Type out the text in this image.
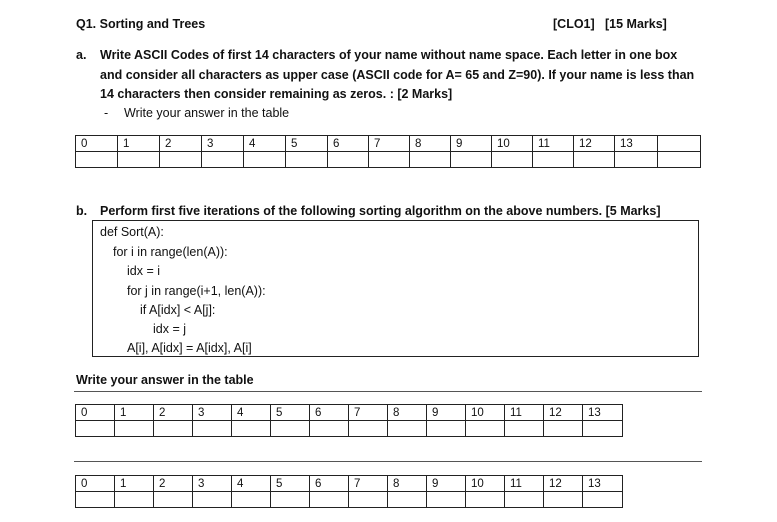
Q1. Sorting and Trees	[CLO1] [15 Marks]
a. Write ASCII Codes of first 14 characters of your name without name space. Each letter in one box
and consider all characters as upper case (ASCII code for A= 65 and Z=90). If your name is less than
14 characters then consider remaining as zeros. : [2 Marks]
- Write your answer in the table
0	1	2	3	4	5	6	7	8	9	10	11	12	13	

b. Perform first five iterations of the following sorting algorithm on the above numbers. [5 Marks]
def Sort(A):
for i in range(len(A)):
idx = i
for j in range(i+1, len(A)):
if A[idx] < A[j]:
idx = j
A[i], A[idx] = A[idx], A[i]
Write your answer in the table
0	1	2	3	4	5	6	7	8	9	10	11	12	13

0	1	2	3	4	5	6	7	8	9	10	11	12	13
